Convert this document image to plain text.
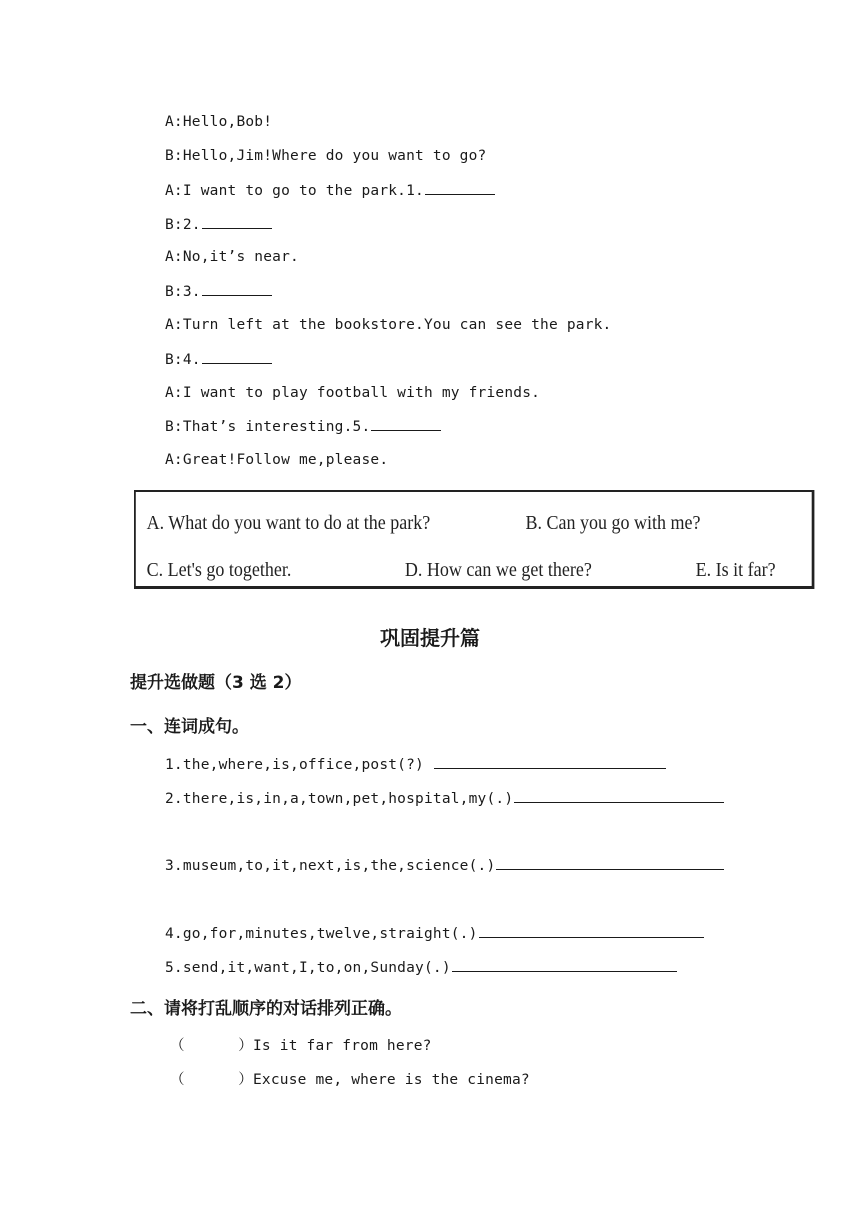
A:Hello,Bob!
B:Hello,Jim!Where do you want to go?
A:I want to go to the park.1.
B:2.
A:No,it’s near.
B:3.
A:Turn left at the bookstore.You can see the park.
B:4.
A:I want to play football with my friends.
B:That’s interesting.5.
A:Great!Follow me,please.
A. What do you want to do at the park?	B. Can you go with me?
C. Let's go together.	D. How can we get there?	E. Is it far?
巩固提升篇
提升选做题（3 选 2）
一、连词成句。
1.the,where,is,office,post(?)
2.there,is,in,a,town,pet,hospital,my(.)
3.museum,to,it,next,is,the,science(.)
4.go,for,minutes,twelve,straight(.)
5.send,it,want,I,to,on,Sunday(.)
二、请将打乱顺序的对话排列正确。
（      ）Is it far from here?
（      ）Excuse me, where is the cinema?
